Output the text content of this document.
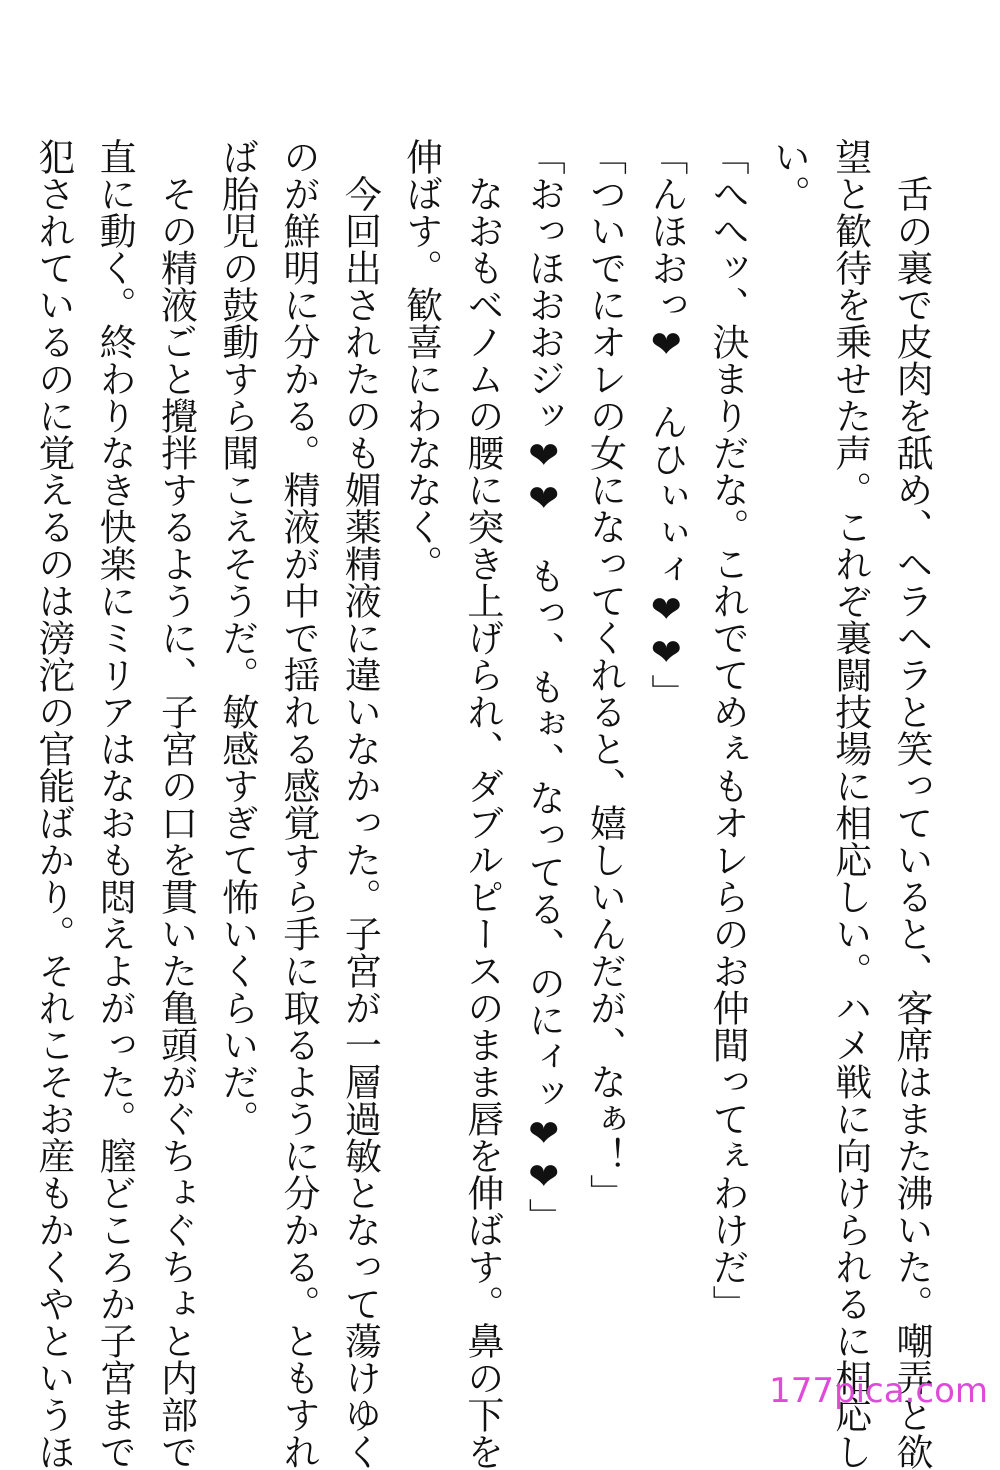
　舌の裏で皮肉を舐め、ヘラヘラと笑っていると、客席はまた沸いた。嘲弄と欲
望と歓待を乗せた声。これぞ裏闘技場に相応しい。ハメ戦に向けられるに相応し
い。
「へへッ、決まりだな。これでてめぇもオレらのお仲間ってぇわけだ」
「んほおっ❤　んひぃぃィ❤❤」
「ついでにオレの女になってくれると、嬉しいんだが、なぁ！」
「おっほおおジッ❤❤　もっ、もぉ、なってる、のにィッ❤❤」
　なおもベノムの腰に突き上げられ、ダブルピースのまま唇を伸ばす。鼻の下を
伸ばす。歓喜にわななく。
　今回出されたのも媚薬精液に違いなかった。子宮が一層過敏となって蕩けゆく
のが鮮明に分かる。精液が中で揺れる感覚すら手に取るように分かる。ともすれ
ば胎児の鼓動すら聞こえそうだ。敏感すぎて怖いくらいだ。
　その精液ごと攪拌するように、子宮の口を貫いた亀頭がぐちょぐちょと内部で
直に動く。終わりなき快楽にミリアはなおも悶えよがった。膣どころか子宮まで
犯されているのに覚えるのは滂沱の官能ばかり。それこそお産もかくやというほ	177pica.com
